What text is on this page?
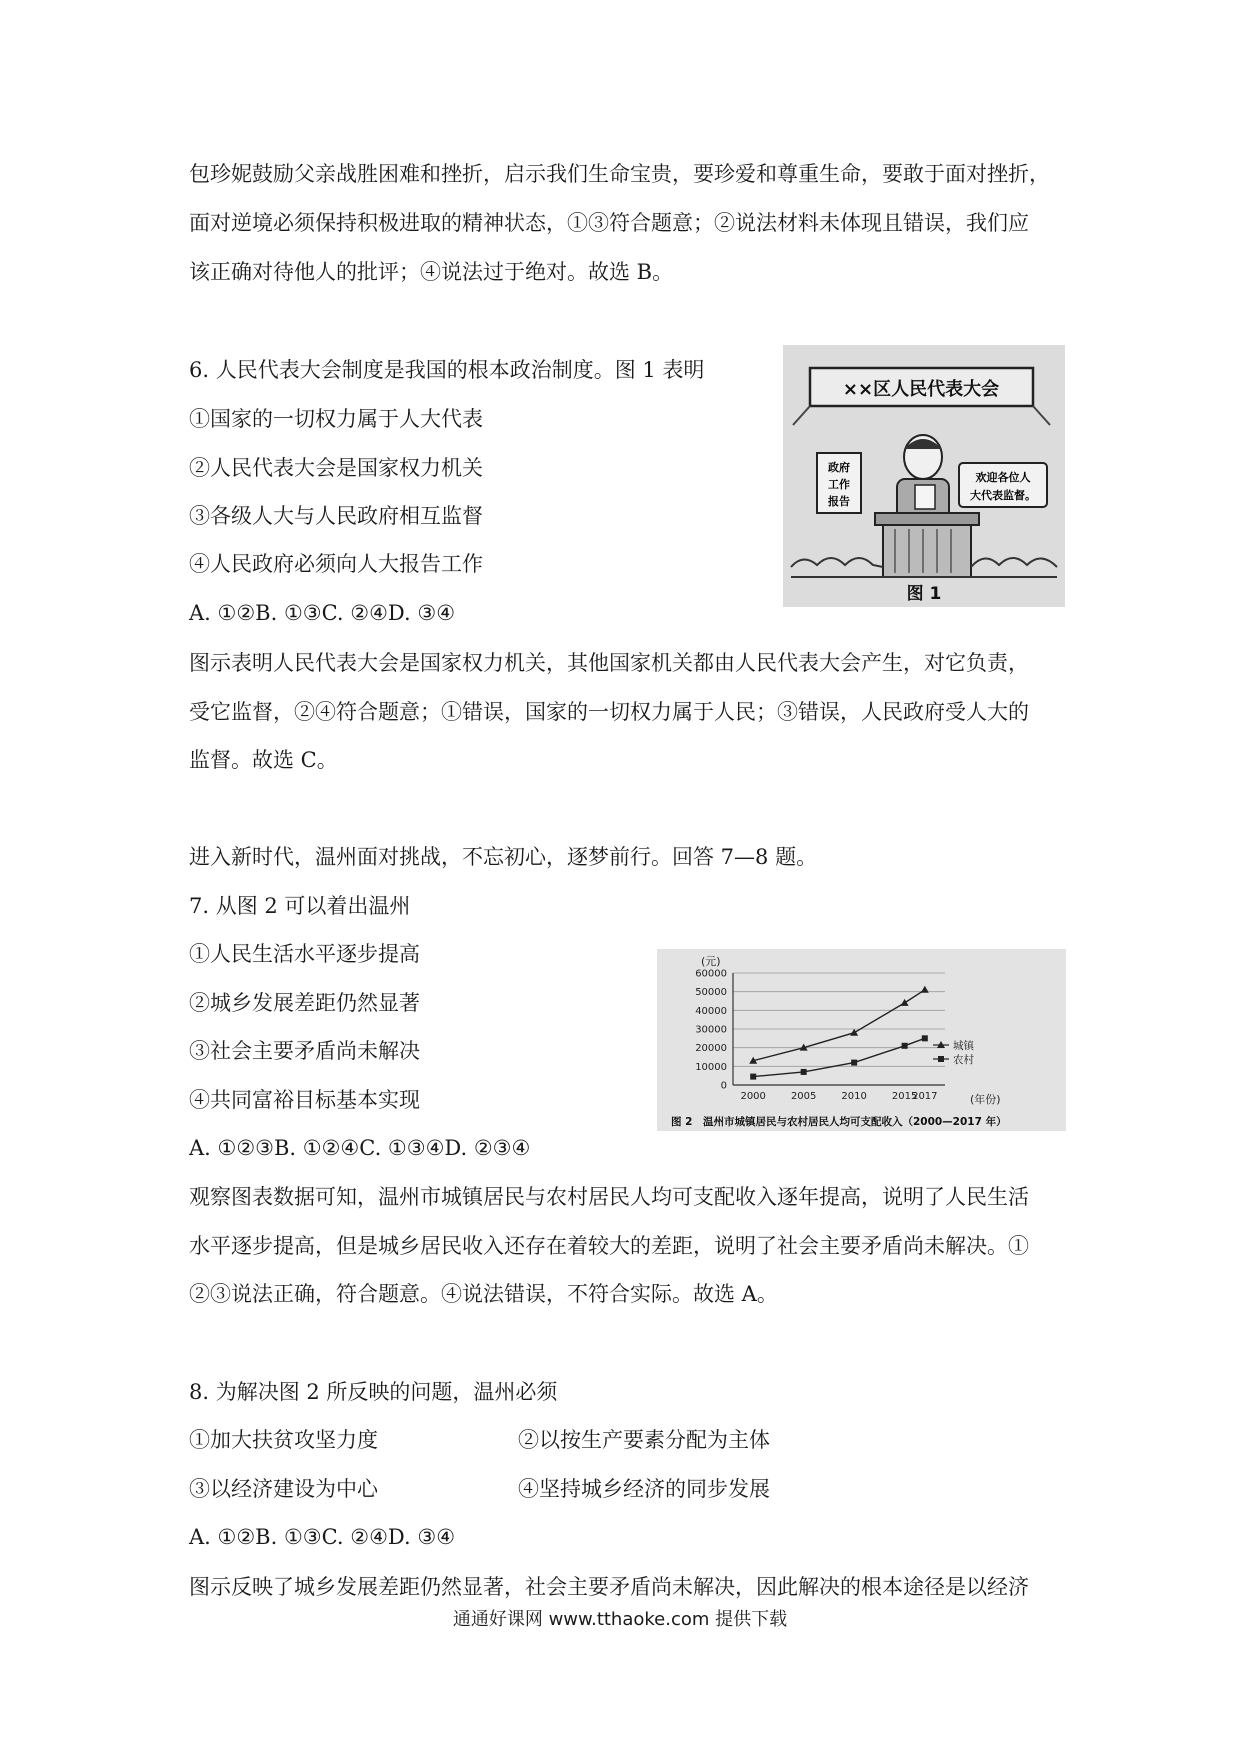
包珍妮鼓励父亲战胜困难和挫折，启示我们生命宝贵，要珍爱和尊重生命，要敢于面对挫折，
面对逆境必须保持积极进取的精神状态，①③符合题意；②说法材料未体现且错误，我们应
该正确对待他人的批评；④说法过于绝对。故选 B。
6. 人民代表大会制度是我国的根本政治制度。图 1 表明
①国家的一切权力属于人大代表
②人民代表大会是国家权力机关
③各级人大与人民政府相互监督
④人民政府必须向人大报告工作
A. ①②B. ①③C. ②④D. ③④
图示表明人民代表大会是国家权力机关，其他国家机关都由人民代表大会产生，对它负责，
受它监督，②④符合题意；①错误，国家的一切权力属于人民；③错误，人民政府受人大的
监督。故选 C。
进入新时代，温州面对挑战，不忘初心，逐梦前行。回答 7—8 题。
7. 从图 2 可以着出温州
①人民生活水平逐步提高
②城乡发展差距仍然显著
③社会主要矛盾尚未解决
④共同富裕目标基本实现
A. ①②③B. ①②④C. ①③④D. ②③④
观察图表数据可知，温州市城镇居民与农村居民人均可支配收入逐年提高，说明了人民生活
水平逐步提高，但是城乡居民收入还存在着较大的差距，说明了社会主要矛盾尚未解决。①
②③说法正确，符合题意。④说法错误，不符合实际。故选 A。
8. 为解决图 2 所反映的问题，温州必须
①加大扶贫攻坚力度	②以按生产要素分配为主体
③以经济建设为中心	④坚持城乡经济的同步发展
A. ①②B. ①③C. ②④D. ③④
图示反映了城乡发展差距仍然显著，社会主要矛盾尚未解决，因此解决的根本途径是以经济
通通好课网 www.tthaoke.com 提供下载
××区人民代表大会
政府
工作
报告
欢迎各位人
大代表监督。
图 1
(元)
(年份)
图 2　温州市城镇居民与农村居民人均可支配收入（2000—2017 年）
0
10000
20000
30000
40000
50000
60000
2000	2005	2010	2015
2017
城镇
农村
